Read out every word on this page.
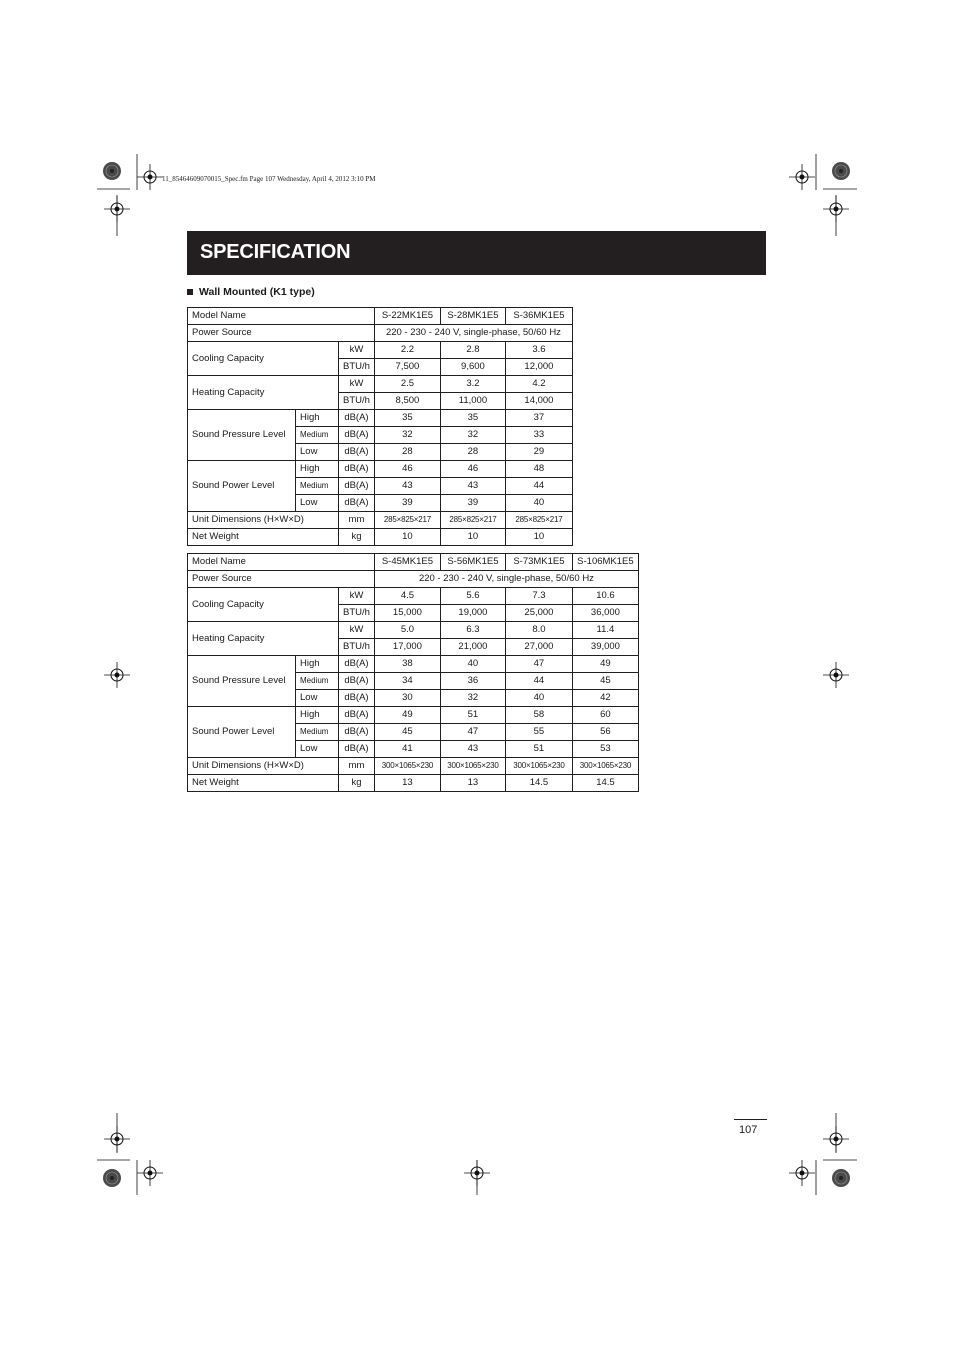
11_85464609070015_Spec.fm Page 107 Wednesday, April 4, 2012 3:10 PM
SPECIFICATION
Wall Mounted (K1 type)
Model Name			S-22MK1E5	S-28MK1E5	S-36MK1E5
Power Source			220 - 230 - 240 V, single-phase, 50/60 Hz		
Cooling Capacity		kW	2.2	2.8	3.6
		BTU/h	7,500	9,600	12,000
Heating Capacity		kW	2.5	3.2	4.2
		BTU/h	8,500	11,000	14,000
Sound Pressure Level	High	dB(A)	35	35	37
	Medium	dB(A)	32	32	33
	Low	dB(A)	28	28	29
Sound Power Level	High	dB(A)	46	46	48
	Medium	dB(A)	43	43	44
	Low	dB(A)	39	39	40
Unit Dimensions (H×W×D)		mm	285×825×217	285×825×217	285×825×217
Net Weight		kg	10	10	10
Model Name			S-45MK1E5	S-56MK1E5	S-73MK1E5	S-106MK1E5
Power Source			220 - 230 - 240 V, single-phase, 50/60 Hz			
Cooling Capacity		kW	4.5	5.6	7.3	10.6
		BTU/h	15,000	19,000	25,000	36,000
Heating Capacity		kW	5.0	6.3	8.0	11.4
		BTU/h	17,000	21,000	27,000	39,000
Sound Pressure Level	High	dB(A)	38	40	47	49
	Medium	dB(A)	34	36	44	45
	Low	dB(A)	30	32	40	42
Sound Power Level	High	dB(A)	49	51	58	60
	Medium	dB(A)	45	47	55	56
	Low	dB(A)	41	43	51	53
Unit Dimensions (H×W×D)		mm	300×1065×230	300×1065×230	300×1065×230	300×1065×230
Net Weight		kg	13	13	14.5	14.5
107
